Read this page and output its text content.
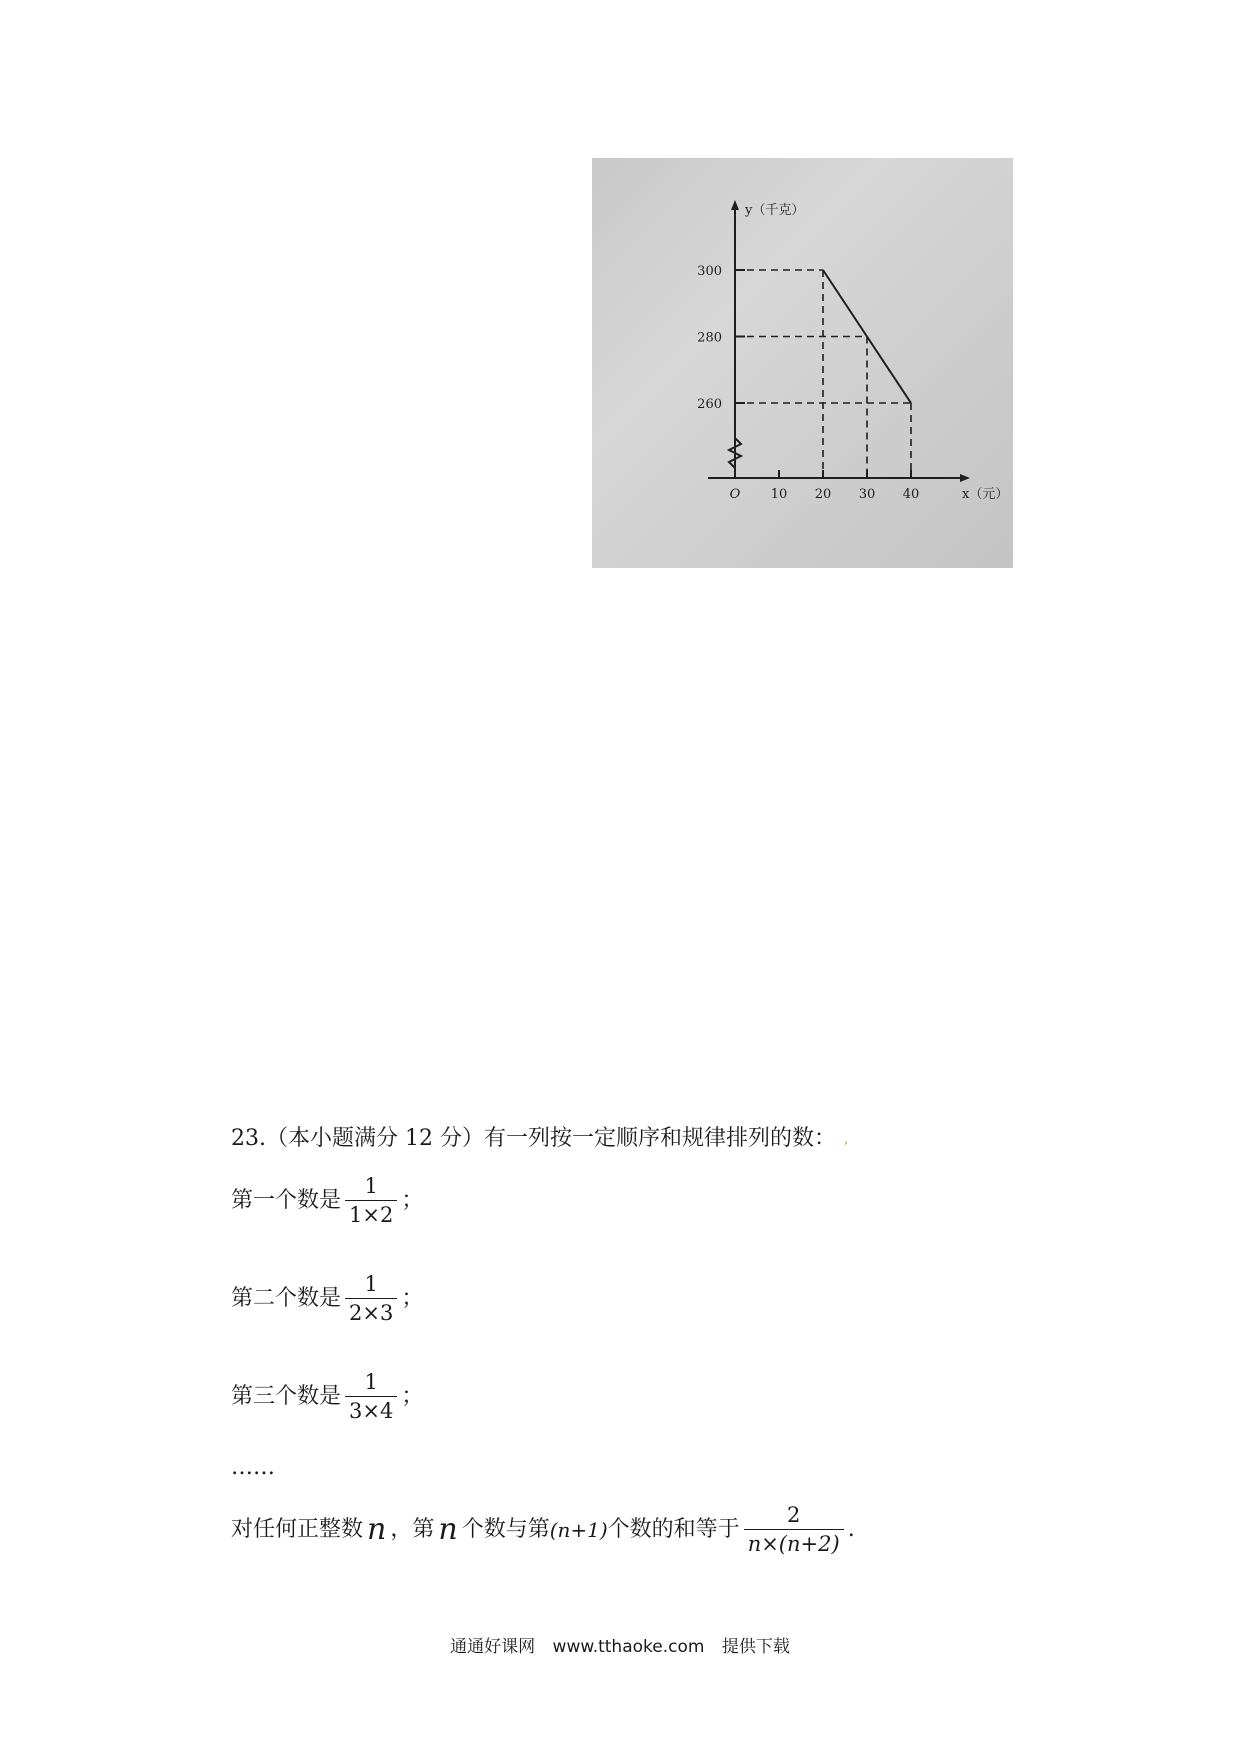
260
280
300
10 20 30 40
O
y（千克）
x（元）
23.（本小题满分 12 分）有一列按一定顺序和规律排列的数： ,
第一个数是 $\frac{1}{1\times 2}$ ；
第二个数是 $\frac{1}{2\times 3}$ ；
第三个数是 $\frac{1}{3\times 4}$ ；
……
对任何正整数 n ，第 n 个数与第 (n+1) 个数的和等于 $\frac{2}{n\times(n+2)}$ .
通通好课网 www.tthaoke.com 提供下载
